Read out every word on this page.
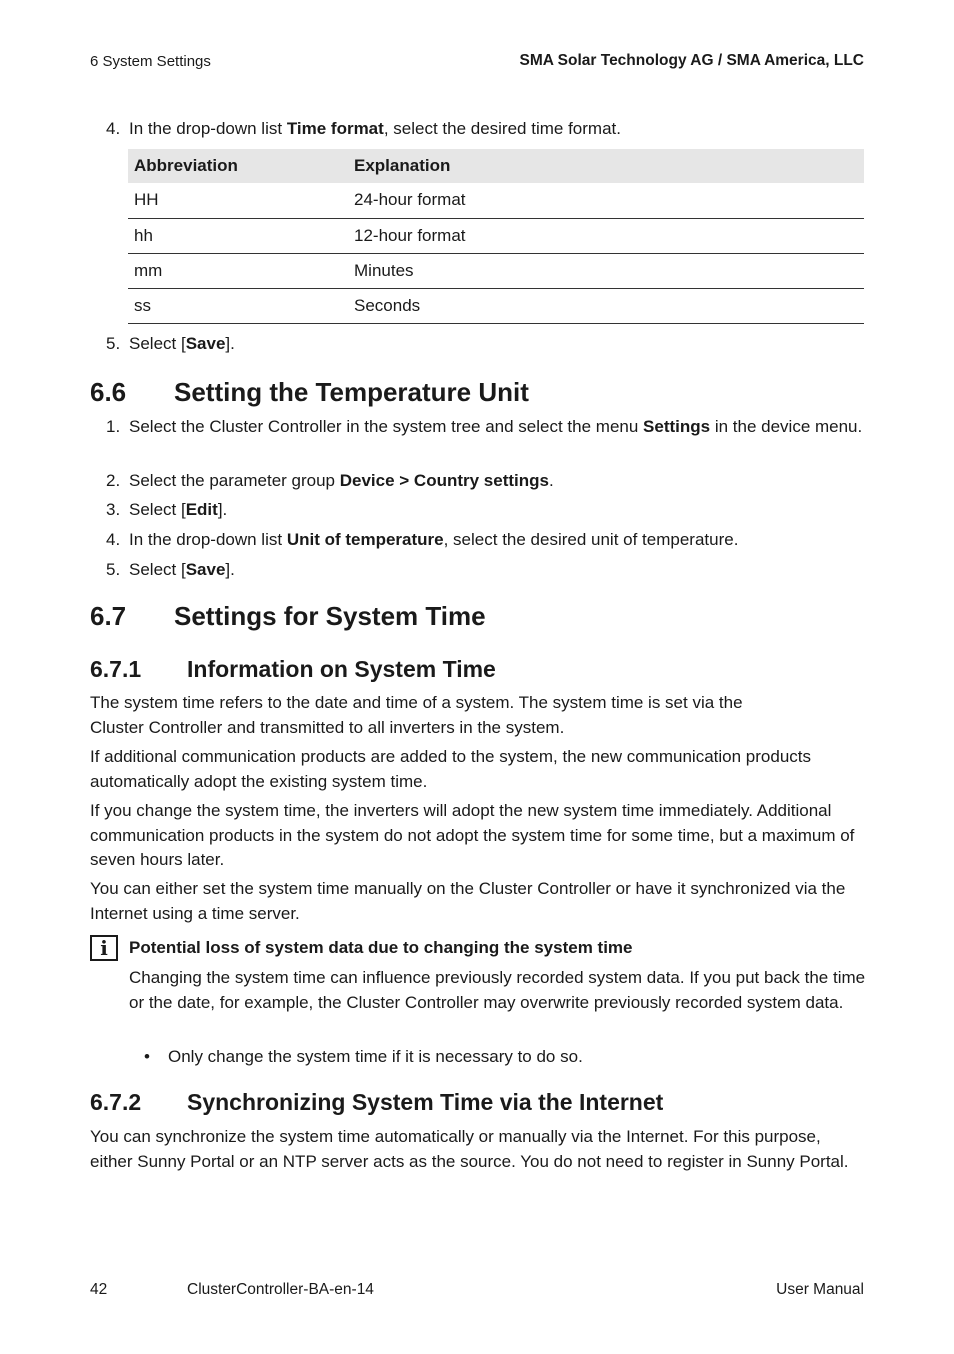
6 System Settings	SMA Solar Technology AG / SMA America, LLC
4. In the drop-down list Time format, select the desired time format.
Abbreviation	Explanation
HH	24-hour format
hh	12-hour format
mm	Minutes
ss	Seconds
5. Select [Save].
6.6 Setting the Temperature Unit
1. Select the Cluster Controller in the system tree and select the menu Settings in the device menu.
2. Select the parameter group Device > Country settings.
3. Select [Edit].
4. In the drop-down list Unit of temperature, select the desired unit of temperature.
5. Select [Save].
6.7 Settings for System Time
6.7.1 Information on System Time
The system time refers to the date and time of a system. The system time is set via the Cluster Controller and transmitted to all inverters in the system.
If additional communication products are added to the system, the new communication products automatically adopt the existing system time.
If you change the system time, the inverters will adopt the new system time immediately. Additional communication products in the system do not adopt the system time for some time, but a maximum of seven hours later.
You can either set the system time manually on the Cluster Controller or have it synchronized via the Internet using a time server.
i	Potential loss of system data due to changing the system time
Changing the system time can influence previously recorded system data. If you put back the time or the date, for example, the Cluster Controller may overwrite previously recorded system data.
• Only change the system time if it is necessary to do so.
6.7.2 Synchronizing System Time via the Internet
You can synchronize the system time automatically or manually via the Internet. For this purpose, either Sunny Portal or an NTP server acts as the source. You do not need to register in Sunny Portal.
42	ClusterController-BA-en-14	User Manual
